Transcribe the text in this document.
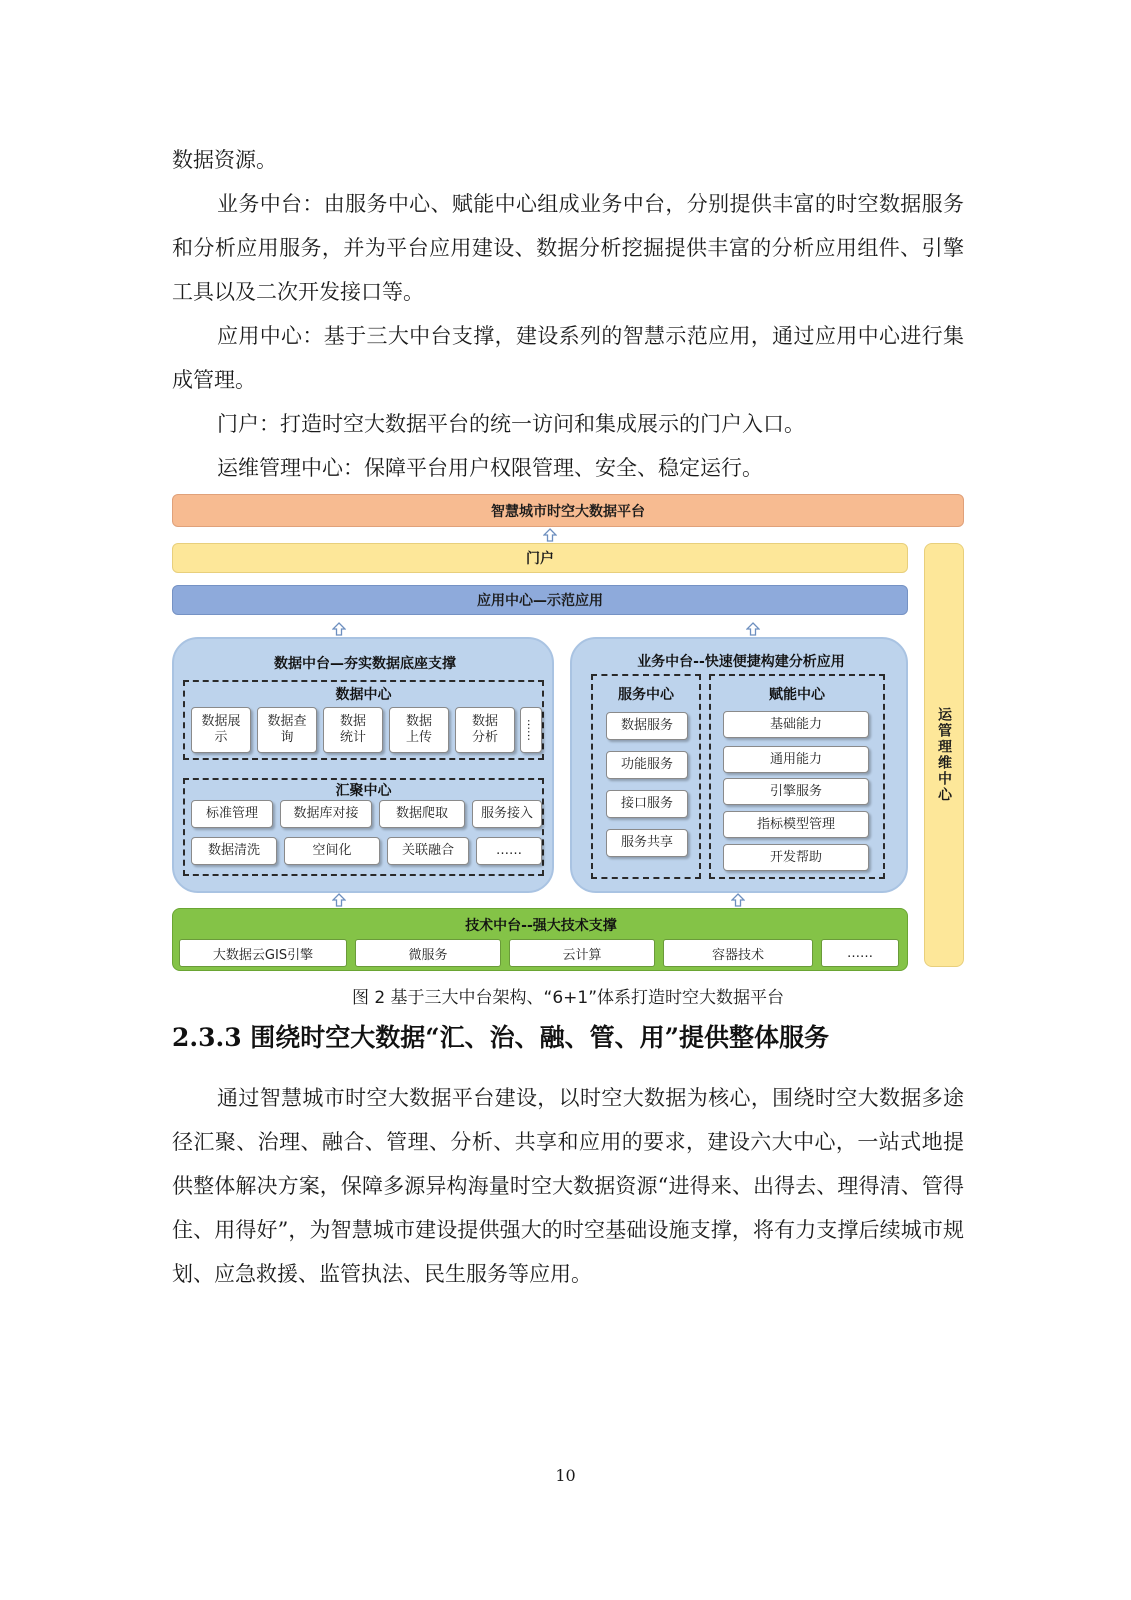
数据资源。

业务中台：由服务中心、赋能中心组成业务中台，分别提供丰富的时空数据服务和分析应用服务，并为平台应用建设、数据分析挖掘提供丰富的分析应用组件、引擎工具以及二次开发接口等。

应用中心：基于三大中台支撑，建设系列的智慧示范应用，通过应用中心进行集成管理。

门户：打造时空大数据平台的统一访问和集成展示的门户入口。

运维管理中心：保障平台用户权限管理、安全、稳定运行。

智慧城市时空大数据平台
门户
应用中心—示范应用
运管理维中心
数据中台—夯实数据底座支撑
数据中心
数据展示
数据查询
数据统计
数据上传
数据分析	……
汇聚中心
标准管理	数据库对接	数据爬取	服务接入
数据清洗	空间化	关联融合	……
业务中台--快速便捷构建分析应用
服务中心
数据服务
功能服务
接口服务
服务共享
赋能中心
基础能力
通用能力
引擎服务
指标模型管理
开发帮助
技术中台--强大技术支撑
大数据云GIS引擎	微服务	云计算	容器技术	……
图 2 基于三大中台架构、“6+1”体系打造时空大数据平台
2.3.3 围绕时空大数据“汇、治、融、管、用”提供整体服务

通过智慧城市时空大数据平台建设，以时空大数据为核心，围绕时空大数据多途径汇聚、治理、融合、管理、分析、共享和应用的要求，建设六大中心，一站式地提供整体解决方案，保障多源异构海量时空大数据资源“进得来、出得去、理得清、管得住、用得好”，为智慧城市建设提供强大的时空基础设施支撑，将有力支撑后续城市规划、应急救援、监管执法、民生服务等应用。

10
